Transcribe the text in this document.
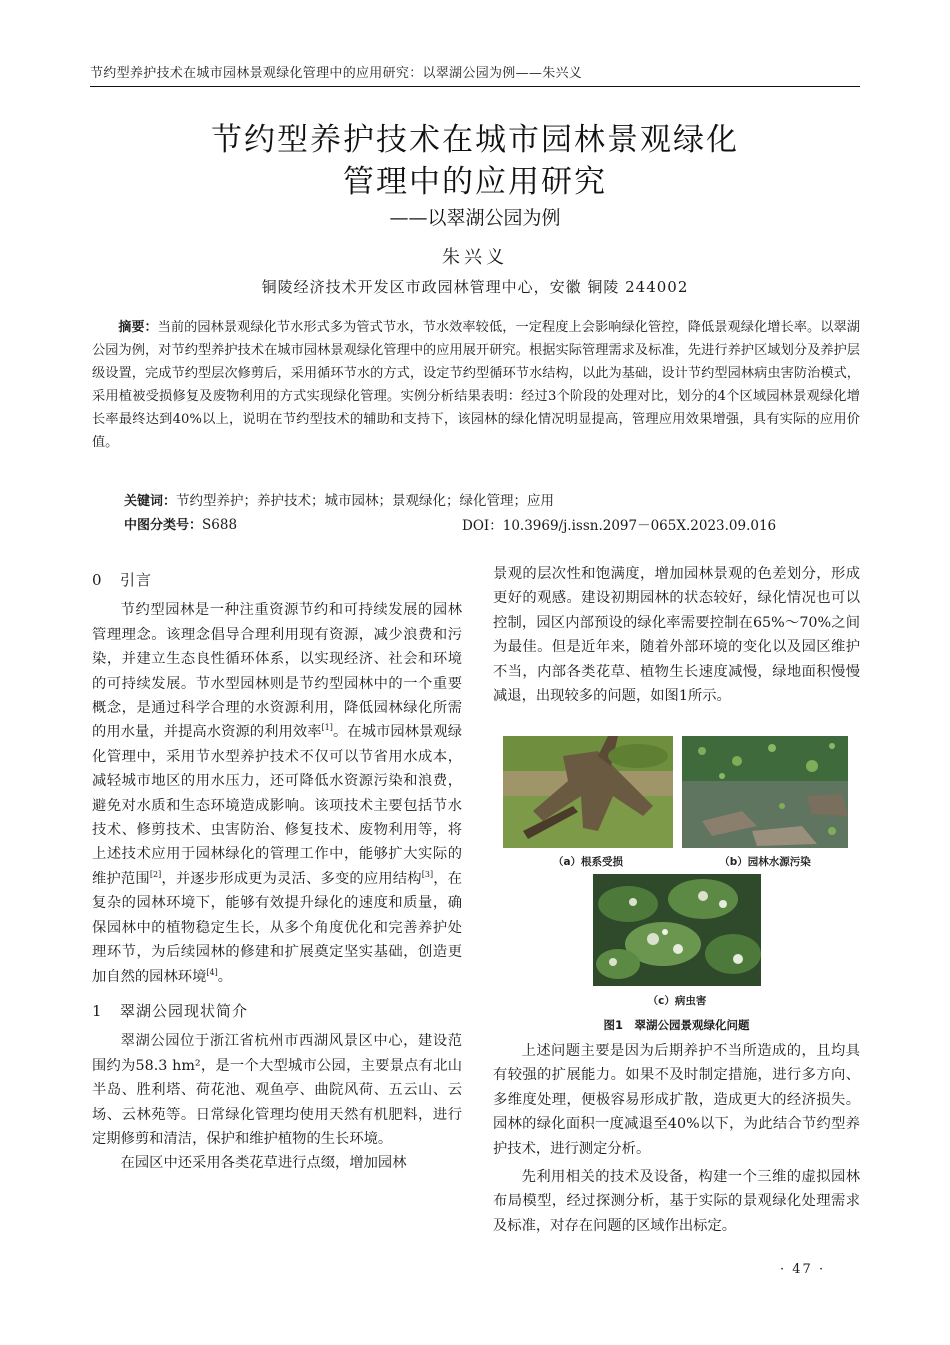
节约型养护技术在城市园林景观绿化管理中的应用研究：以翠湖公园为例——朱兴义
节约型养护技术在城市园林景观绿化
管理中的应用研究
——以翠湖公园为例
朱兴义
铜陵经济技术开发区市政园林管理中心，安徽 铜陵 244002
摘要：当前的园林景观绿化节水形式多为管式节水，节水效率较低，一定程度上会影响绿化管控，降低景观绿化增长率。以翠湖公园为例，对节约型养护技术在城市园林景观绿化管理中的应用展开研究。根据实际管理需求及标准，先进行养护区域划分及养护层级设置，完成节约型层次修剪后，采用循环节水的方式，设定节约型循环节水结构，以此为基础，设计节约型园林病虫害防治模式，采用植被受损修复及废物利用的方式实现绿化管理。实例分析结果表明：经过3个阶段的处理对比，划分的4个区域园林景观绿化增长率最终达到40%以上，说明在节约型技术的辅助和支持下，该园林的绿化情况明显提高，管理应用效果增强，具有实际的应用价值。
关键词：节约型养护；养护技术；城市园林；景观绿化；绿化管理；应用
中图分类号：S688	DOI：10.3969/j.issn.2097－065X.2023.09.016
0 引言

节约型园林是一种注重资源节约和可持续发展的园林管理理念。该理念倡导合理利用现有资源，减少浪费和污染，并建立生态良性循环体系，以实现经济、社会和环境的可持续发展。节水型园林则是节约型园林中的一个重要概念，是通过科学合理的水资源利用，降低园林绿化所需的用水量，并提高水资源的利用效率[1]。在城市园林景观绿化管理中，采用节水型养护技术不仅可以节省用水成本，减轻城市地区的用水压力，还可降低水资源污染和浪费，避免对水质和生态环境造成影响。该项技术主要包括节水技术、修剪技术、虫害防治、修复技术、废物利用等，将上述技术应用于园林绿化的管理工作中，能够扩大实际的维护范围[2]，并逐步形成更为灵活、多变的应用结构[3]，在复杂的园林环境下，能够有效提升绿化的速度和质量，确保园林中的植物稳定生长，从多个角度优化和完善养护处理环节，为后续园林的修建和扩展奠定坚实基础，创造更加自然的园林环境[4]。

1 翠湖公园现状简介

翠湖公园位于浙江省杭州市西湖风景区中心，建设范围约为58.3 hm²，是一个大型城市公园，主要景点有北山半岛、胜利塔、荷花池、观鱼亭、曲院风荷、五云山、云场、云林苑等。日常绿化管理均使用天然有机肥料，进行定期修剪和清洁，保护和维护植物的生长环境。

在园区中还采用各类花草进行点缀，增加园林

景观的层次性和饱满度，增加园林景观的色差划分，形成更好的观感。建设初期园林的状态较好，绿化情况也可以控制，园区内部预设的绿化率需要控制在65%～70%之间为最佳。但是近年来，随着外部环境的变化以及园区维护不当，内部各类花草、植物生长速度减慢，绿地面积慢慢减退，出现较多的问题，如图1所示。

（a）根系受损	（b）园林水源污染
（c）病虫害
图1　翠湖公园景观绿化问题

上述问题主要是因为后期养护不当所造成的，且均具有较强的扩展能力。如果不及时制定措施，进行多方向、多维度处理，便极容易形成扩散，造成更大的经济损失。园林的绿化面积一度减退至40%以下，为此结合节约型养护技术，进行测定分析。

先利用相关的技术及设备，构建一个三维的虚拟园林布局模型，经过探测分析，基于实际的景观绿化处理需求及标准，对存在问题的区域作出标定。

· 47 ·
